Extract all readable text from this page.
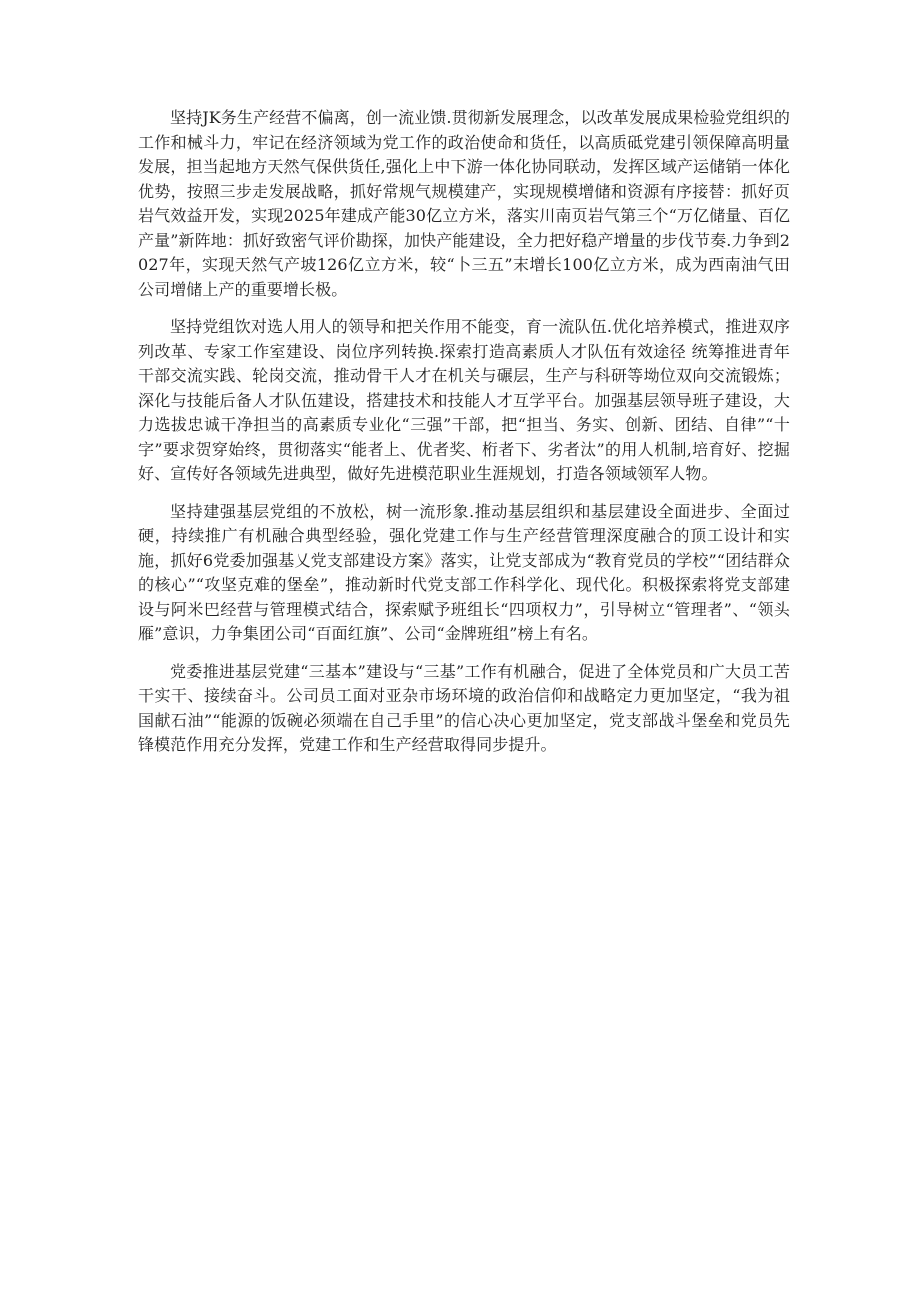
坚持JK务生产经营不偏离，创一流业馈.贯彻新发展理念，以改革发展成果检验党组织的工作和械斗力，牢记在经济领域为党工作的政治使命和货任，以高质砥党建引领保障高明量发展，担当起地方天然气保供货任,强化上中下游一体化协同联动，发挥区域产运储销一体化优势，按照三步走发展战略，抓好常规气规模建产，实现规模增储和资源有序接替：抓好页岩气效益开发，实现2025年建成产能30亿立方米，落实川南页岩气第三个“万亿储量、百亿产量”新阵地：抓好致密气评价勘探，加快产能建设，全力把好稳产增量的步伐节奏.力争到2027年，实现天然气产坡126亿立方米，较“卜三五”末增长100亿立方米，成为西南油气田公司增储上产的重要增长极。

坚持党组饮对选人用人的领导和把关作用不能变，育一流队伍.优化培养模式，推进双序列改革、专家工作室建设、岗位序列转换.探索打造高素质人才队伍有效途径 统筹推进青年干部交流实践、轮岗交流，推动骨干人才在机关与碾层，生产与科研等坳位双向交流锻炼；深化与技能后备人才队伍建设，搭建技术和技能人才互学平台。加强基层领导班子建设，大力选拔忠诚干净担当的高素质专业化“三强”干部，把“担当、务实、创新、团结、自律”“十字”要求贺穿始终，贯彻落实“能者上、优者奖、桁者下、劣者汰”的用人机制,培育好、挖掘好、宣传好各领域先进典型，做好先进模范职业生涯规划，打造各领域领军人物。

坚持建强基层党组的不放松，树一流形象.推动基层组织和基层建设全面进步、全面过硬，持续推广有机融合典型经验，强化党建工作与生产经营管理深度融合的顶工设计和实施，抓好6党委加强基乂党支部建设方案》落实，让党支部成为“教育党员的学校”“团结群众的核心”“攻坚克难的堡垒”，推动新时代党支部工作科学化、现代化。积极探索将党支部建设与阿米巴经营与管理模式结合，探索赋予班组长“四项权力”，引导树立“管理者”、“领头雁”意识，力争集团公司“百面红旗”、公司“金牌班组”榜上有名。

党委推进基层党建“三基本”建设与“三基”工作有机融合，促进了全体党员和广大员工苦干实干、接续奋斗。公司员工面对亚杂市场环境的政治信仰和战略定力更加坚定，“我为祖国献石油”“能源的饭碗必须端在自己手里”的信心决心更加坚定，党支部战斗堡垒和党员先锋模范作用充分发挥，党建工作和生产经营取得同步提升。
